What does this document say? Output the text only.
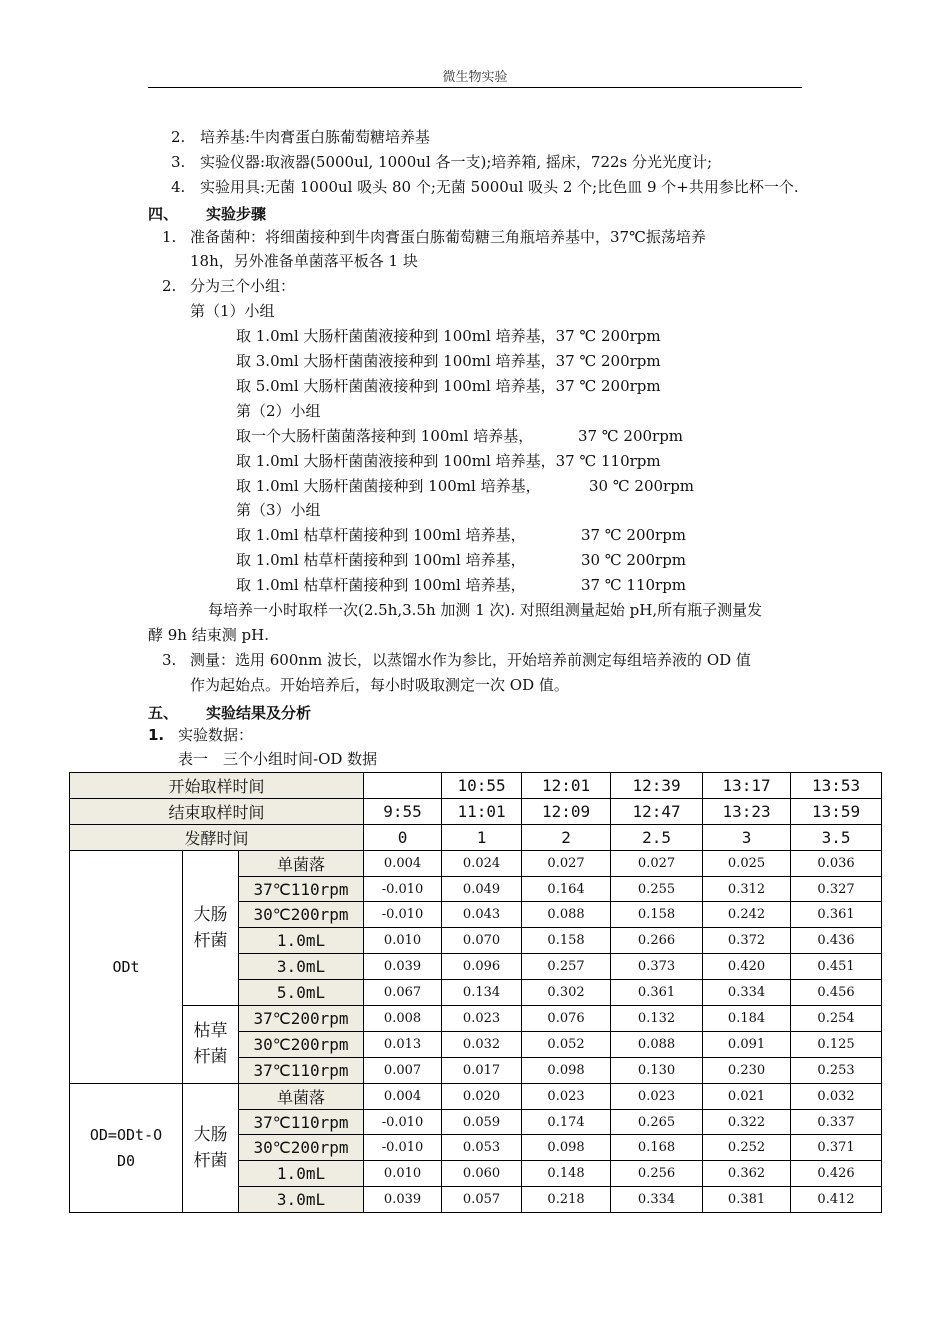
微生物实验
2. 培养基:牛肉膏蛋白胨葡萄糖培养基
3. 实验仪器:取液器(5000ul, 1000ul 各一支);培养箱, 摇床，722s 分光光度计;
4. 实验用具:无菌 1000ul 吸头 80 个;无菌 5000ul 吸头 2 个;比色皿 9 个+共用参比杯一个.
四、 实验步骤
1. 准备菌种：将细菌接种到牛肉膏蛋白胨葡萄糖三角瓶培养基中，37℃振荡培养
18h，另外准备单菌落平板各 1 块
2. 分为三个小组：
第（1）小组
取 1.0ml 大肠杆菌菌液接种到 100ml 培养基，37 ℃ 200rpm
取 3.0ml 大肠杆菌菌液接种到 100ml 培养基，37 ℃ 200rpm
取 5.0ml 大肠杆菌菌液接种到 100ml 培养基，37 ℃ 200rpm
第（2）小组
取一个大肠杆菌菌落接种到 100ml 培养基，	37 ℃ 200rpm
取 1.0ml 大肠杆菌菌液接种到 100ml 培养基，37 ℃ 110rpm
取 1.0ml 大肠杆菌菌接种到 100ml 培养基，	30 ℃ 200rpm
第（3）小组
取 1.0ml 枯草杆菌接种到 100ml 培养基，	37 ℃ 200rpm
取 1.0ml 枯草杆菌接种到 100ml 培养基，	30 ℃ 200rpm
取 1.0ml 枯草杆菌接种到 100ml 培养基，	37 ℃ 110rpm
每培养一小时取样一次(2.5h,3.5h 加测 1 次). 对照组测量起始 pH,所有瓶子测量发
酵 9h 结束测 pH.
3. 测量：选用 600nm 波长，以蒸馏水作为参比，开始培养前测定每组培养液的 OD 值
作为起始点。开始培养后，每小时吸取测定一次 OD 值。
五、 实验结果及分析
1. 实验数据：
表一　三个小组时间-OD 数据
开始取样时间				10:55	12:01	12:39	13:17	13:53
结束取样时间			9:55	11:01	12:09	12:47	13:23	13:59
发酵时间			0	1	2	2.5	3	3.5
ODt	大肠杆菌	单菌落	0.004	0.024	0.027	0.027	0.025	0.036
		37℃110rpm	-0.010	0.049	0.164	0.255	0.312	0.327
		30℃200rpm	-0.010	0.043	0.088	0.158	0.242	0.361
		1.0mL	0.010	0.070	0.158	0.266	0.372	0.436
		3.0mL	0.039	0.096	0.257	0.373	0.420	0.451
		5.0mL	0.067	0.134	0.302	0.361	0.334	0.456
	枯草杆菌	37℃200rpm	0.008	0.023	0.076	0.132	0.184	0.254
		30℃200rpm	0.013	0.032	0.052	0.088	0.091	0.125
		37℃110rpm	0.007	0.017	0.098	0.130	0.230	0.253
OD=ODt-OD0	大肠杆菌	单菌落	0.004	0.020	0.023	0.023	0.021	0.032
		37℃110rpm	-0.010	0.059	0.174	0.265	0.322	0.337
		30℃200rpm	-0.010	0.053	0.098	0.168	0.252	0.371
		1.0mL	0.010	0.060	0.148	0.256	0.362	0.426
		3.0mL	0.039	0.057	0.218	0.334	0.381	0.412
